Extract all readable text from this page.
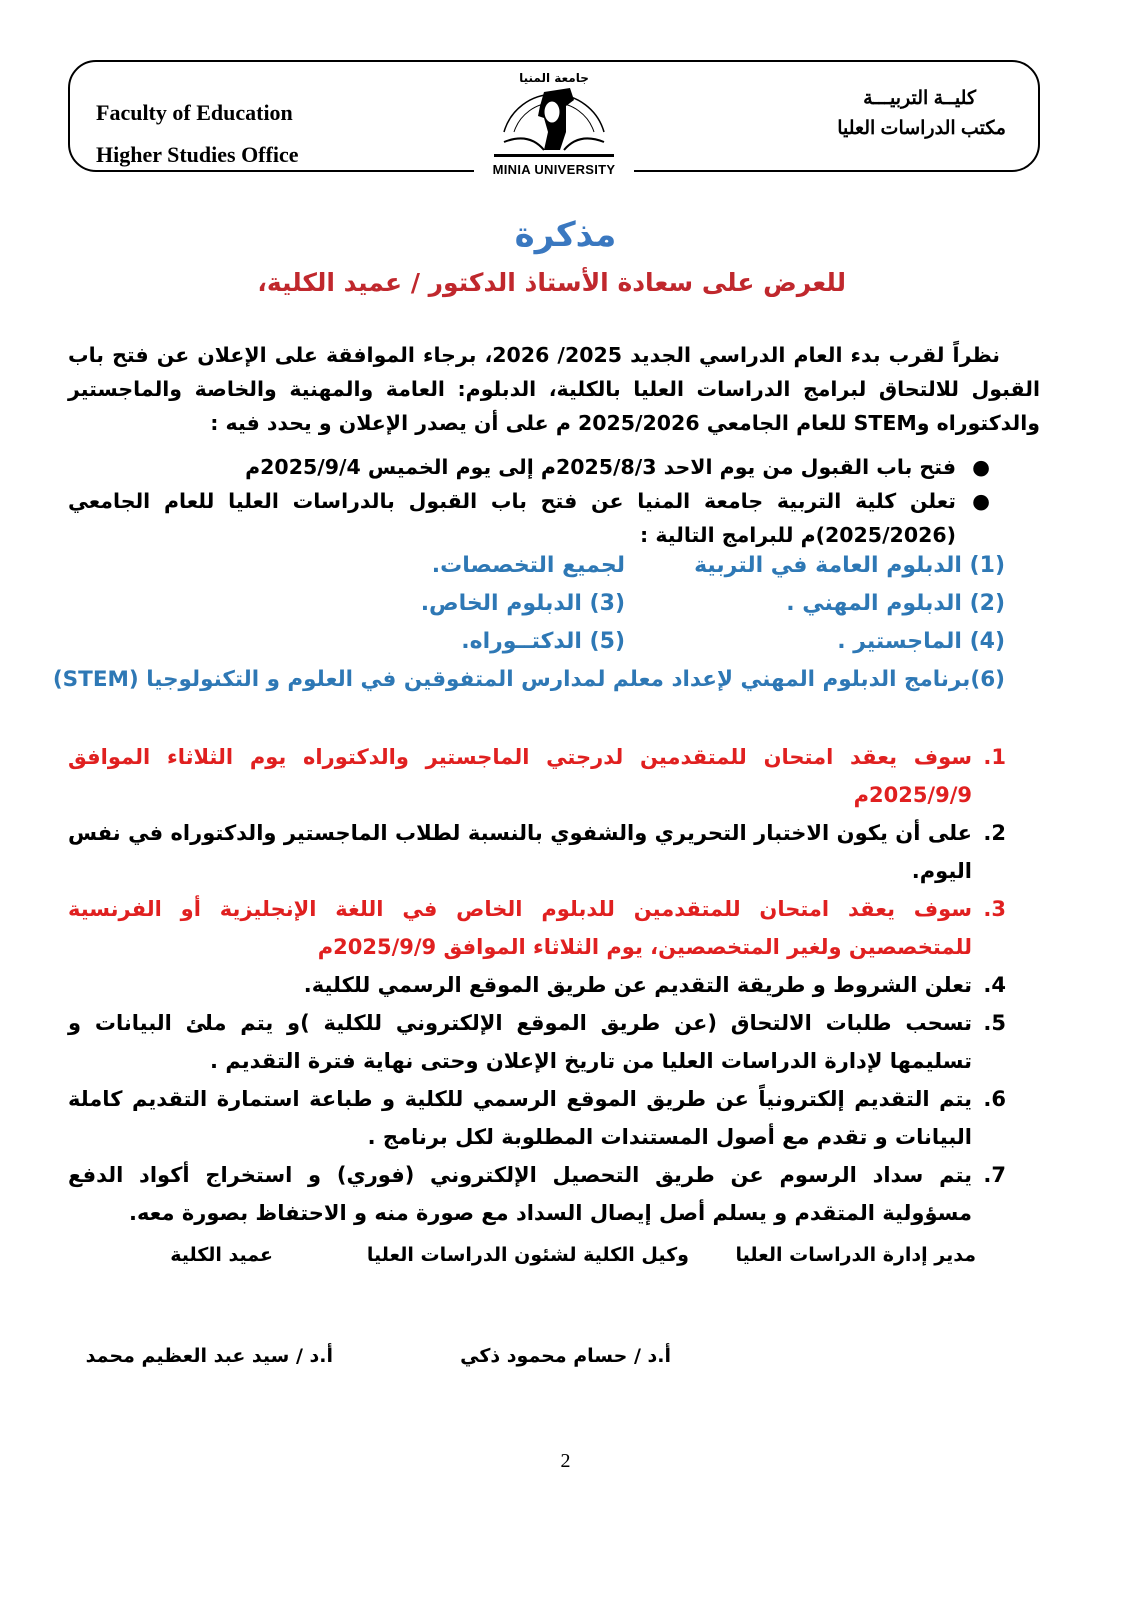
Faculty of Education
Higher Studies Office
كليــة التربيـــة
مكتب الدراسات العليا
جامعة المنيا
MINIA UNIVERSITY
مذكرة
للعرض على سعادة الأستاذ الدكتور / عميد الكلية،
نظراً لقرب بدء العام الدراسي الجديد 2025/ 2026، برجاء الموافقة على الإعلان عن فتح باب القبول للالتحاق لبرامج الدراسات العليا بالكلية، الدبلوم: العامة والمهنية والخاصة والماجستير والدكتوراه وSTEM للعام الجامعي 2025/2026 م على أن يصدر الإعلان و يحدد فيه :
●
فتح باب القبول من يوم الاحد 2025/8/3م إلى يوم الخميس 2025/9/4م
●
تعلن كلية التربية جامعة المنيا عن فتح باب القبول بالدراسات العليا للعام الجامعي (2025/2026)م للبرامج التالية :
(1) الدبلوم العامة في التربيةلجميع التخصصات.
(2) الدبلوم المهني .(3) الدبلوم الخاص.
(4) الماجستير .(5) الدكتــوراه.
(6)برنامج الدبلوم المهني لإعداد معلم لمدارس المتفوقين في العلوم و التكنولوجيا (STEM)
1.
سوف يعقد امتحان للمتقدمين لدرجتي الماجستير والدكتوراه يوم الثلاثاء الموافق 2025/9/9م
2.
على أن يكون الاختبار التحريري والشفوي بالنسبة لطلاب الماجستير والدكتوراه في نفس اليوم.
3.
سوف يعقد امتحان للمتقدمين للدبلوم الخاص في اللغة الإنجليزية أو الفرنسية للمتخصصين ولغير المتخصصين، يوم الثلاثاء الموافق 2025/9/9م
4.
تعلن الشروط و طريقة التقديم عن طريق الموقع الرسمي للكلية.
5.
تسحب طلبات الالتحاق (عن طريق الموقع الإلكتروني للكلية )و يتم ملئ البيانات و تسليمها لإدارة الدراسات العليا من تاريخ الإعلان وحتى نهاية فترة التقديم .
6.
يتم التقديم إلكترونياً عن طريق الموقع الرسمي للكلية و طباعة استمارة التقديم كاملة البيانات و تقدم مع أصول المستندات المطلوبة لكل برنامج .
7.
يتم سداد الرسوم عن طريق التحصيل الإلكتروني (فوري) و استخراج أكواد الدفع مسؤولية المتقدم و يسلم أصل إيصال السداد مع صورة منه و الاحتفاظ بصورة معه.
مدير إدارة الدراسات العليا
وكيل الكلية لشئون الدراسات العليا
عميد الكلية
أ.د / حسام محمود ذكي
أ.د / سيد عبد العظيم محمد
2
